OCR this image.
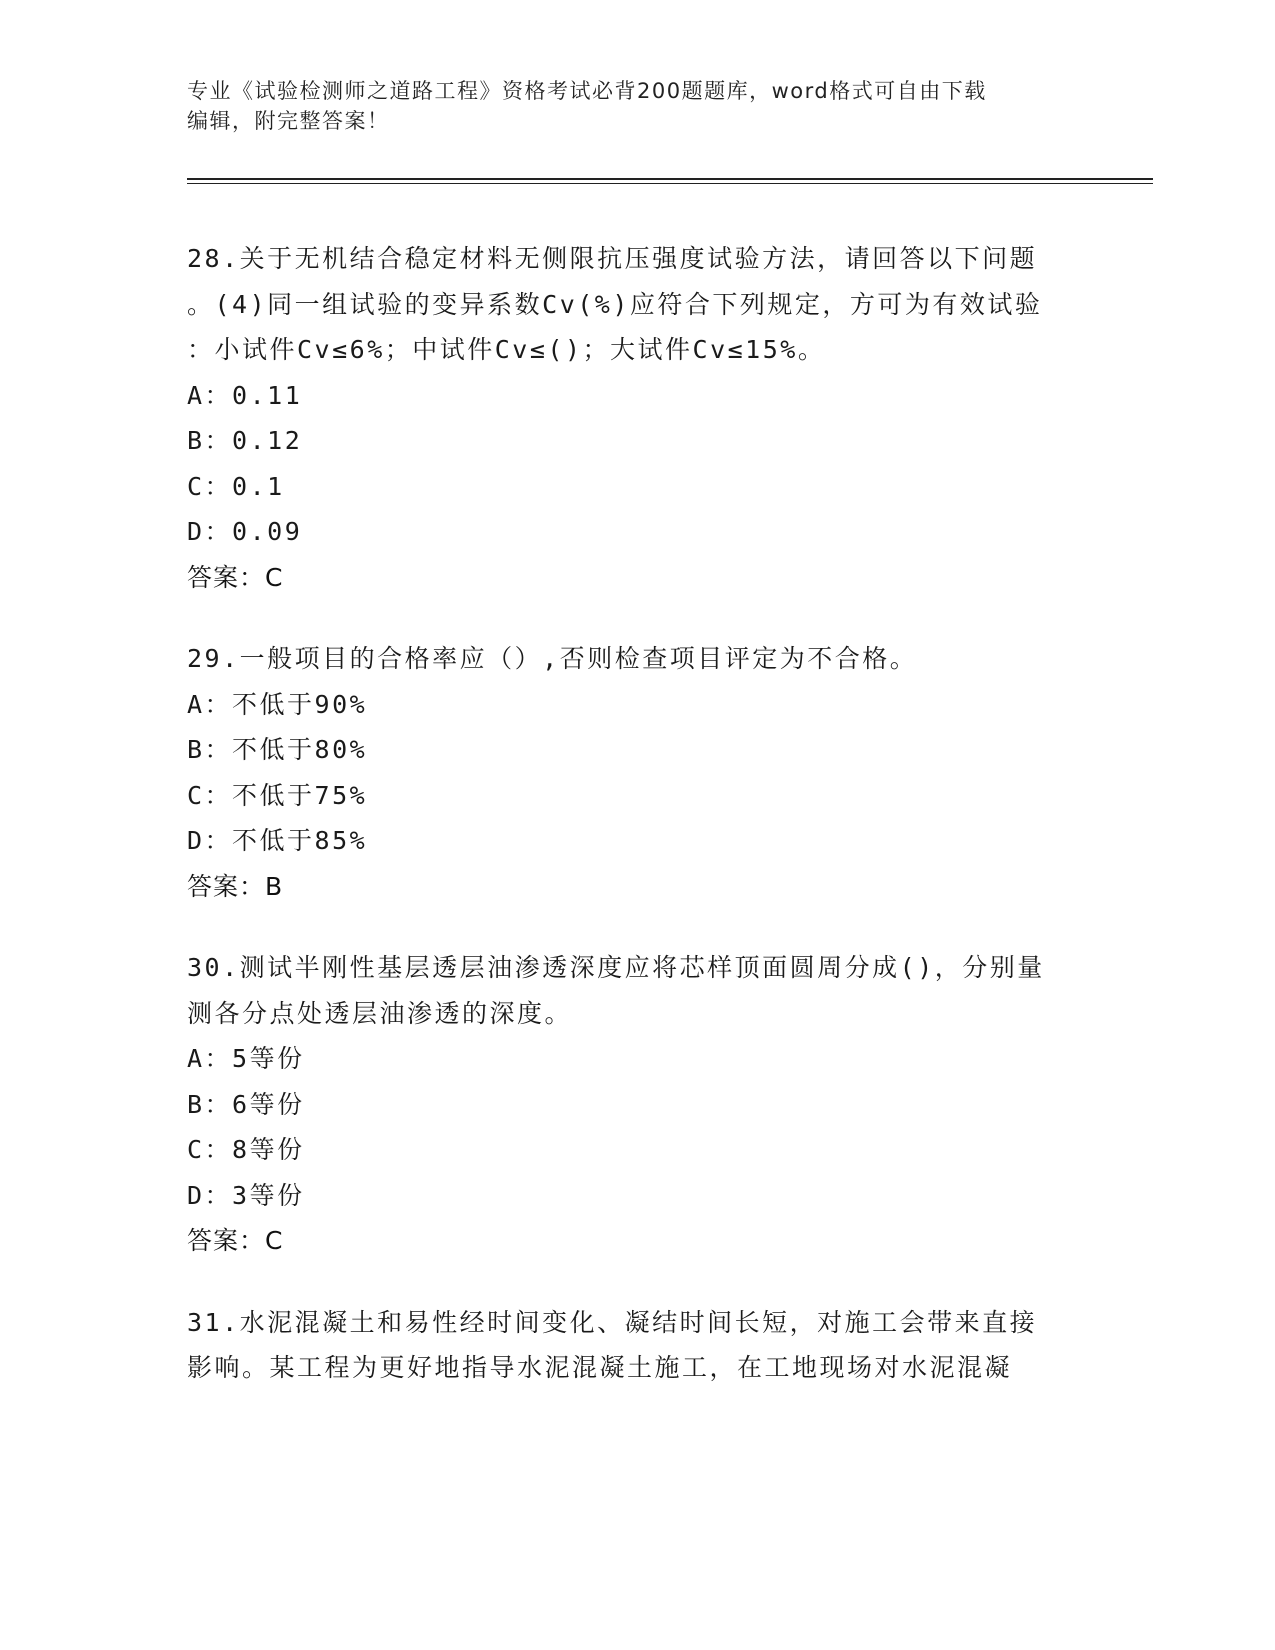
专业《试验检测师之道路工程》资格考试必背200题题库，word格式可自由下载
编辑，附完整答案！
28.关于无机结合稳定材料无侧限抗压强度试验方法，请回答以下问题
。(4)同一组试验的变异系数Cv(%)应符合下列规定，方可为有效试验
：小试件Cv≤6%；中试件Cv≤()；大试件Cv≤15%。
A：0.11
B：0.12
C：0.1
D：0.09
答案：C
29.一般项目的合格率应（）,否则检查项目评定为不合格。
A：不低于90%
B：不低于80%
C：不低于75%
D：不低于85%
答案：B
30.测试半刚性基层透层油渗透深度应将芯样顶面圆周分成()，分别量
测各分点处透层油渗透的深度。
A：5等份
B：6等份
C：8等份
D：3等份
答案：C
31.水泥混凝土和易性经时间变化、凝结时间长短，对施工会带来直接
影响。某工程为更好地指导水泥混凝土施工，在工地现场对水泥混凝
